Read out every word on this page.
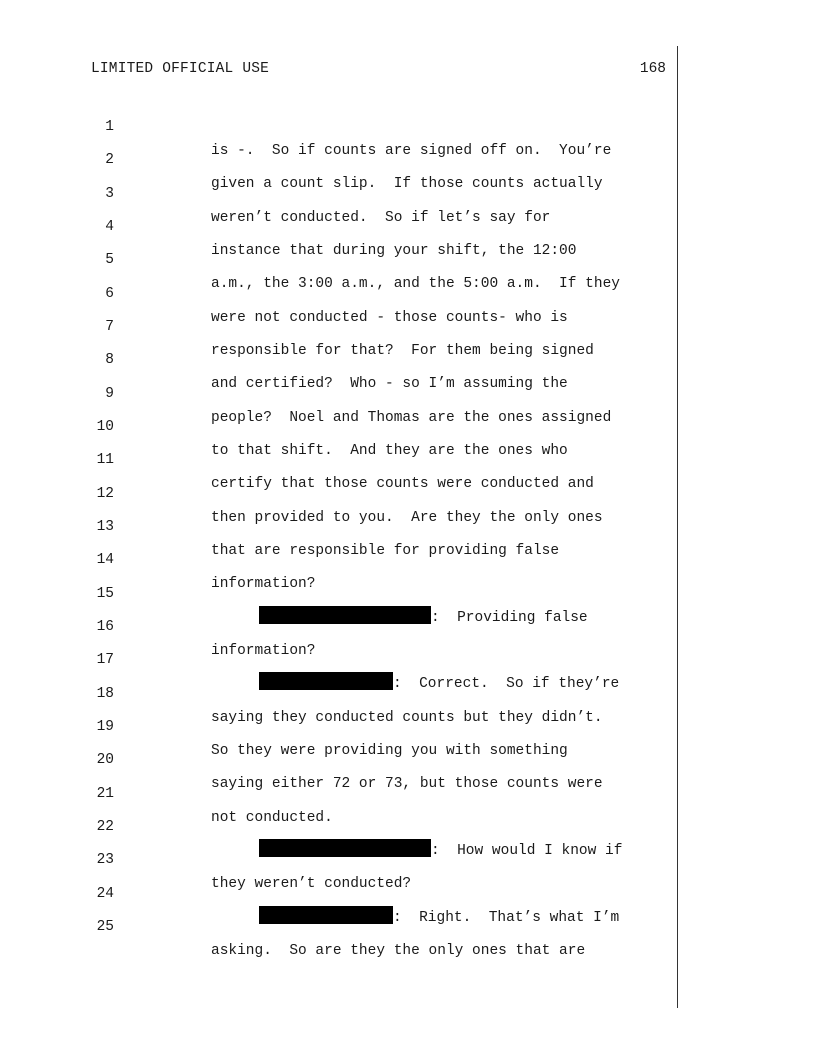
LIMITED OFFICIAL USE	168

1

is -.  So if counts are signed off on.  You’re

2

given a count slip.  If those counts actually

3

weren’t conducted.  So if let’s say for

4

instance that during your shift, the 12:00

5

a.m., the 3:00 a.m., and the 5:00 a.m.  If they

6

were not conducted - those counts- who is

7

responsible for that?  For them being signed

8

and certified?  Who - so I’m assuming the

9

people?  Noel and Thomas are the ones assigned

10

to that shift.  And they are the ones who

11

certify that those counts were conducted and

12

then provided to you.  Are they the only ones

13

that are responsible for providing false

14

information?

15

:  Providing false

16

information?

17

:  Correct.  So if they’re

18

saying they conducted counts but they didn’t.

19

So they were providing you with something

20

saying either 72 or 73, but those counts were

21

not conducted.

22

:  How would I know if

23

they weren’t conducted?

24

:  Right.  That’s what I’m

25

asking.  So are they the only ones that are
